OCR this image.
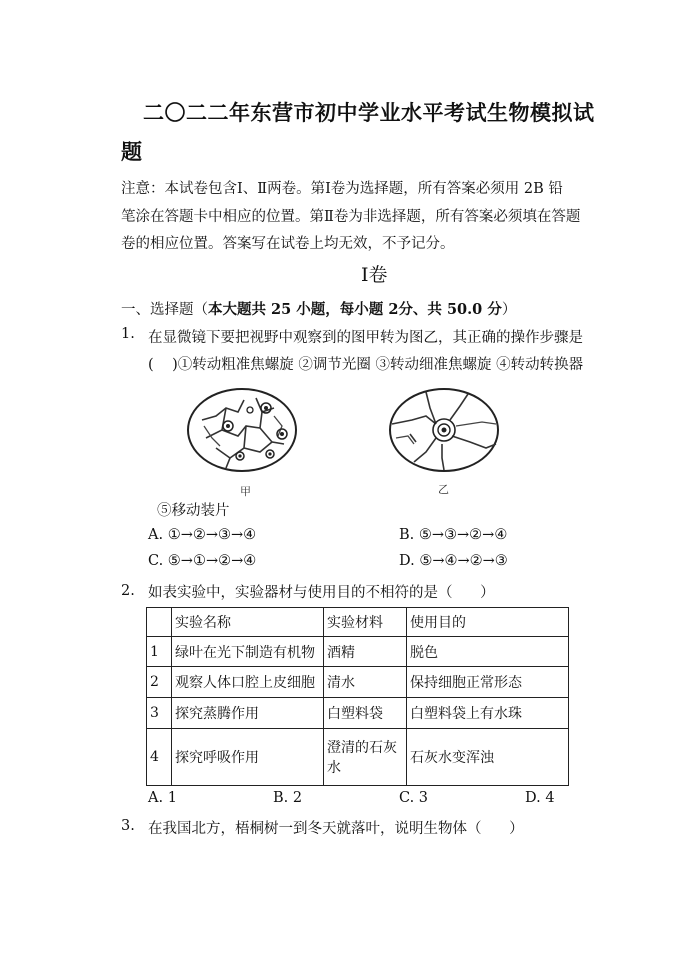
二〇二二年东营市初中学业水平考试生物模拟试
题
注意：本试卷包含Ⅰ、Ⅱ两卷。第Ⅰ卷为选择题，所有答案必须用 2B 铅
笔涂在答题卡中相应的位置。第Ⅱ卷为非选择题，所有答案必须填在答题
卷的相应位置。答案写在试卷上均无效，不予记分。
Ⅰ卷
一、选择题（本大题共 25 小题，每小题 2分、共 50.0 分）
1. 在显微镜下要把视野中观察到的图甲转为图乙，其正确的操作步骤是
(    )①转动粗准焦螺旋 ②调节光圈 ③转动细准焦螺旋 ④转动转换器
甲	乙
⑤移动装片
A. ①→②→③→④	B. ⑤→③→②→④
C. ⑤→①→②→④	D. ⑤→④→②→③
2. 如表实验中，实验器材与使用目的不相符的是（      ）
	实验名称	实验材料	使用目的
1	绿叶在光下制造有机物	酒精	脱色
2	观察人体口腔上皮细胞	清水	保持细胞正常形态
3	探究蒸腾作用	白塑料袋	白塑料袋上有水珠
4	探究呼吸作用	澄清的石灰水	石灰水变浑浊
A. 1	B. 2	C. 3	D. 4
3. 在我国北方，梧桐树一到冬天就落叶，说明生物体（      ）
